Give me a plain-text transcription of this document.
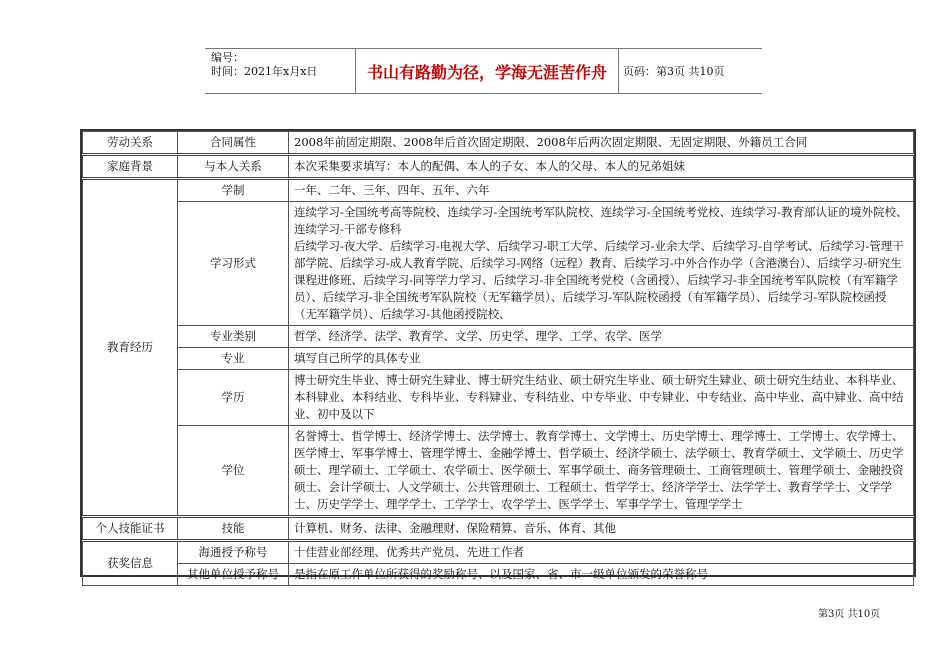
编号：
时间：2021年x月x日	书山有路勤为径，学海无涯苦作舟	页码：第3页 共10页
劳动关系	合同属性	2008年前固定期限、2008年后首次固定期限、2008年后两次固定期限、无固定期限、外籍员工合同
家庭背景	与本人关系	本次采集要求填写：本人的配偶、本人的子女、本人的父母、本人的兄弟姐妹
教育经历	学制	一年、二年、三年、四年、五年、六年
	学习形式	连续学习-全国统考高等院校、连续学习-全国统考军队院校、连续学习-全国统考党校、连续学习-教育部认证的境外院校、连续学习-干部专修科
后续学习-夜大学、后续学习-电视大学、后续学习-职工大学、后续学习-业余大学、后续学习-自学考试、后续学习-管理干部学院、后续学习-成人教育学院、后续学习-网络（远程）教育、后续学习-中外合作办学（含港澳台）、后续学习-研究生课程进修班、后续学习-同等学力学习、后续学习-非全国统考党校（含函授）、后续学习-非全国统考军队院校（有军籍学员）、后续学习-非全国统考军队院校（无军籍学员）、后续学习-军队院校函授（有军籍学员）、后续学习-军队院校函授（无军籍学员）、后续学习-其他函授院校、

	专业类别	哲学、经济学、法学、教育学、文学、历史学、理学、工学、农学、医学
	专业	填写自己所学的具体专业
	学历	博士研究生毕业、博士研究生肄业、博士研究生结业、硕士研究生毕业、硕士研究生肄业、硕士研究生结业、本科毕业、本科肄业、本科结业、专科毕业、专科肄业、专科结业、中专毕业、中专肄业、中专结业、高中毕业、高中肄业、高中结业、初中及以下
	学位	名誉博士、哲学博士、经济学博士、法学博士、教育学博士、文学博士、历史学博士、理学博士、工学博士、农学博士、医学博士、军事学博士、管理学博士、金融学博士、哲学硕士、经济学硕士、法学硕士、教育学硕士、文学硕士、历史学硕士、理学硕士、工学硕士、农学硕士、医学硕士、军事学硕士、商务管理硕士、工商管理硕士、管理学硕士、金融投资硕士、会计学硕士、人文学硕士、公共管理硕士、工程硕士、哲学学士、经济学学士、法学学士、教育学学士、文学学士、历史学学士、理学学士、工学学士、农学学士、医学学士、军事学学士、管理学学士
个人技能证书	技能	计算机、财务、法律、金融理财、保险精算、音乐、体育、其他
获奖信息	海通授予称号	十佳营业部经理、优秀共产党员、先进工作者
	其他单位授予称号	是指在原工作单位所获得的奖励称号、以及国家、省、市一级单位颁发的荣誉称号
第3页 共10页
